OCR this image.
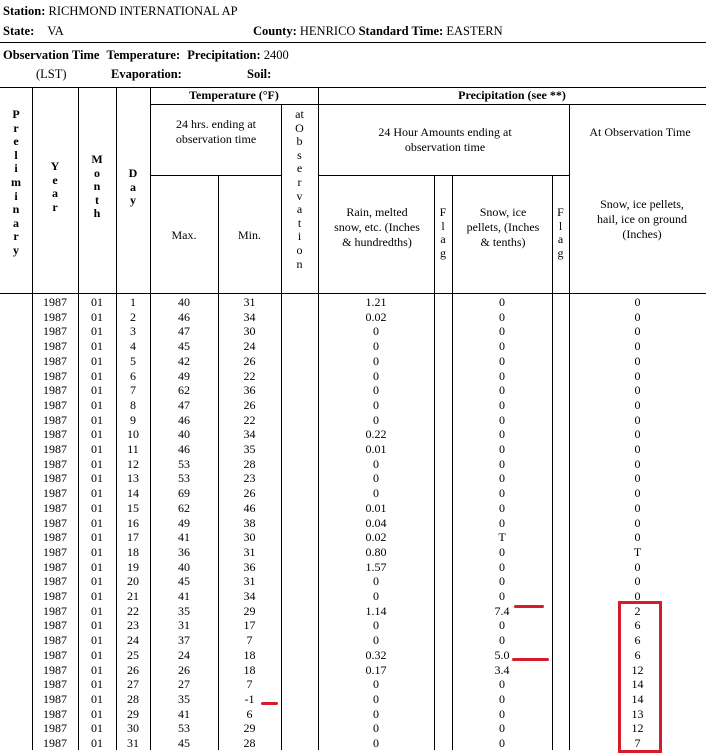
Station: RICHMOND INTERNATIONAL AP
State: VA	County: HENRICO Standard Time: EASTERN
Observation Time Temperature: Precipitation: 2400
(LST)	Evaporation:	Soil:
P
r
e
l
i
m
i
n
a
r
y
Y
e
a
r
M
o
n
t
h
D
a
y
Temperature (°F)
24 hrs. ending at observation time
Max.	Min.
at
O
b
s
e
r
v
a
t
i
o
n
Precipitation (see **)
24 Hour Amounts ending at observation time
At Observation Time
Rain, melted snow, etc. (Inches & hundredths)
F
l
a
g
Snow, ice pellets, (Inches & tenths)
F
l
a
g
Snow, ice pellets, hail, ice on ground (Inches)
1987	01	1	40	31	1.21	0	0
1987	01	2	46	34	0.02	0	0
1987	01	3	47	30	0	0	0
1987	01	4	45	24	0	0	0
1987	01	5	42	26	0	0	0
1987	01	6	49	22	0	0	0
1987	01	7	62	36	0	0	0
1987	01	8	47	26	0	0	0
1987	01	9	46	22	0	0	0
1987	01	10	40	34	0.22	0	0
1987	01	11	46	35	0.01	0	0
1987	01	12	53	28	0	0	0
1987	01	13	53	23	0	0	0
1987	01	14	69	26	0	0	0
1987	01	15	62	46	0.01	0	0
1987	01	16	49	38	0.04	0	0
1987	01	17	41	30	0.02	T	0
1987	01	18	36	31	0.80	0	T
1987	01	19	40	36	1.57	0	0
1987	01	20	45	31	0	0	0
1987	01	21	41	34	0	0	0
1987	01	22	35	29	1.14	7.4	2
1987	01	23	31	17	0	0	6
1987	01	24	37	7	0	0	6
1987	01	25	24	18	0.32	5.0	6
1987	01	26	26	18	0.17	3.4	12
1987	01	27	27	7	0	0	14
1987	01	28	35	-1	0	0	14
1987	01	29	41	6	0	0	13
1987	01	30	53	29	0	0	12
1987	01	31	45	28	0	0	7
